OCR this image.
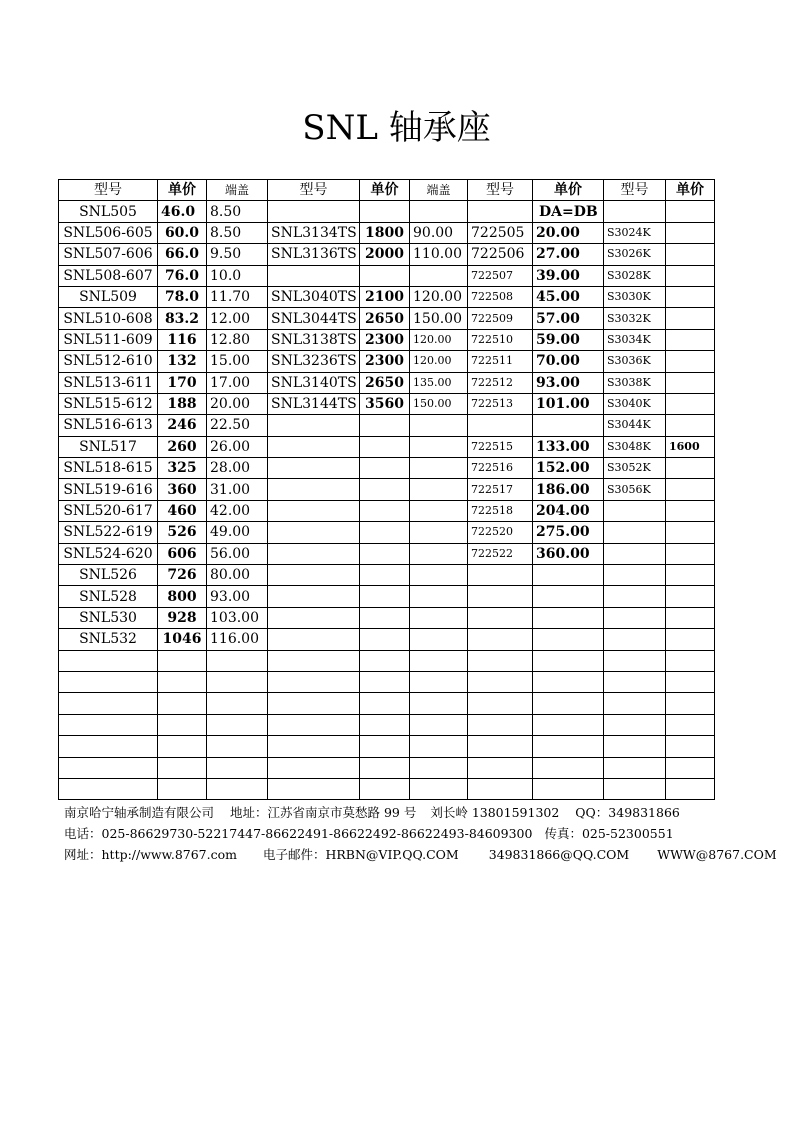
SNL 轴承座
型号	单价	端盖	型号	单价	端盖	型号	单价	型号	单价
SNL505	46.0	8.50					DA=DB		
SNL506-605	60.0	8.50	SNL3134TS	1800	90.00	722505	20.00	S3024K	
SNL507-606	66.0	9.50	SNL3136TS	2000	110.00	722506	27.00	S3026K	
SNL508-607	76.0	10.0				722507	39.00	S3028K	
SNL509	78.0	11.70	SNL3040TS	2100	120.00	722508	45.00	S3030K	
SNL510-608	83.2	12.00	SNL3044TS	2650	150.00	722509	57.00	S3032K	
SNL511-609	116	12.80	SNL3138TS	2300	120.00	722510	59.00	S3034K	
SNL512-610	132	15.00	SNL3236TS	2300	120.00	722511	70.00	S3036K	
SNL513-611	170	17.00	SNL3140TS	2650	135.00	722512	93.00	S3038K	
SNL515-612	188	20.00	SNL3144TS	3560	150.00	722513	101.00	S3040K	
SNL516-613	246	22.50						S3044K	
SNL517	260	26.00				722515	133.00	S3048K	1600
SNL518-615	325	28.00				722516	152.00	S3052K	
SNL519-616	360	31.00				722517	186.00	S3056K	
SNL520-617	460	42.00				722518	204.00		
SNL522-619	526	49.00				722520	275.00		
SNL524-620	606	56.00				722522	360.00		
SNL526	726	80.00							
SNL528	800	93.00							
SNL530	928	103.00							
SNL532	1046	116.00							

南京哈宁轴承制造有限公司 地址：江苏省南京市莫愁路 99 号 刘长岭 13801591302 QQ：349831866
电话：025-86629730-52217447-86622491-86622492-86622493-84609300 传真：025-52300551
网址：http://www.8767.com 电子邮件：HRBN@VIP.QQ.COM 349831866@QQ.COM WWW@8767.COM
